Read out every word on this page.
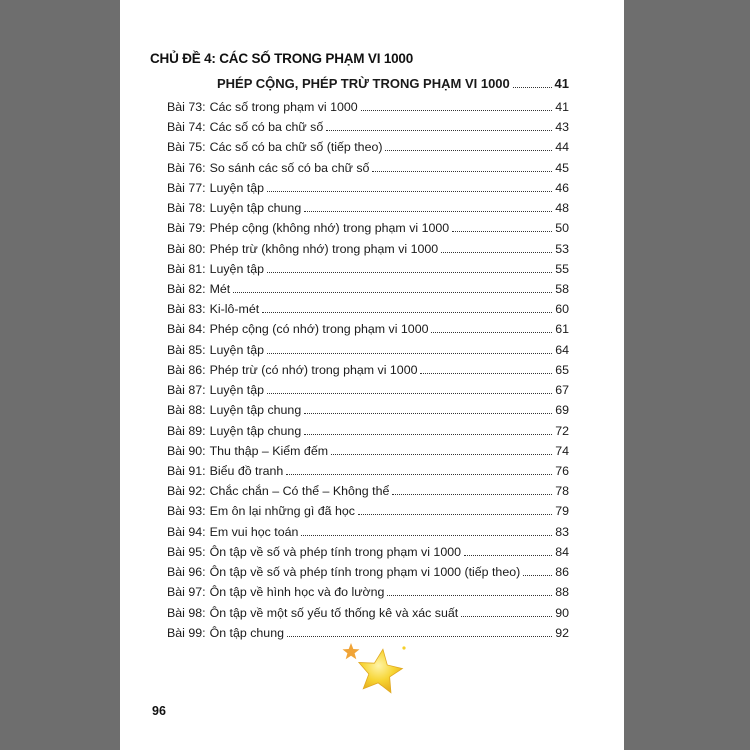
CHỦ ĐỀ 4: CÁC SỐ TRONG PHẠM VI 1000
PHÉP CỘNG, PHÉP TRỪ TRONG PHẠM VI 1000	41
Bài 73: Các số trong phạm vi 1000	41
Bài 74: Các số có ba chữ số	43
Bài 75: Các số có ba chữ số (tiếp theo)	44
Bài 76: So sánh các số có ba chữ số	45
Bài 77: Luyện tập	46
Bài 78: Luyện tập chung	48
Bài 79: Phép cộng (không nhớ) trong phạm vi 1000	50
Bài 80: Phép trừ (không nhớ) trong phạm vi 1000	53
Bài 81: Luyện tập	55
Bài 82: Mét	58
Bài 83: Ki-lô-mét	60
Bài 84: Phép cộng (có nhớ) trong phạm vi 1000	61
Bài 85: Luyện tập	64
Bài 86: Phép trừ (có nhớ) trong phạm vi 1000	65
Bài 87: Luyện tập	67
Bài 88: Luyện tập chung	69
Bài 89: Luyện tập chung	72
Bài 90: Thu thập – Kiểm đếm	74
Bài 91: Biểu đồ tranh	76
Bài 92: Chắc chắn – Có thể – Không thể	78
Bài 93: Em ôn lại những gì đã học	79
Bài 94: Em vui học toán	83
Bài 95: Ôn tập về số và phép tính trong phạm vi 1000	84
Bài 96: Ôn tập về số và phép tính trong phạm vi 1000 (tiếp theo)	86
Bài 97: Ôn tập về hình học và đo lường	88
Bài 98: Ôn tập về một số yếu tố thống kê và xác suất	90
Bài 99: Ôn tập chung	92
96
